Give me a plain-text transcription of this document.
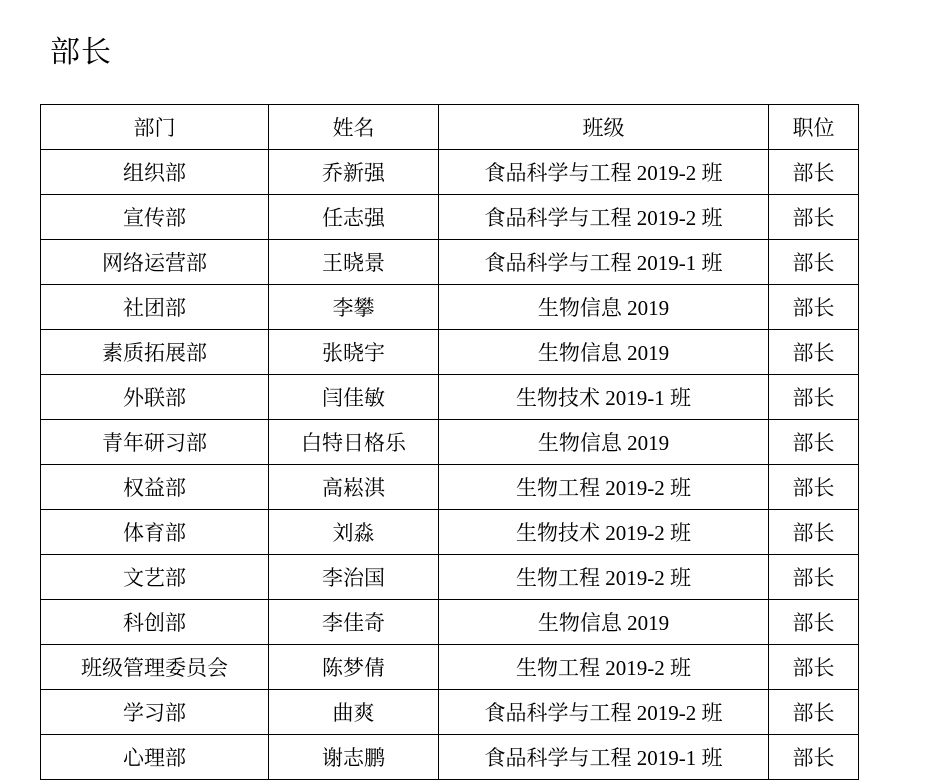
部长
部门	姓名	班级	职位
组织部	乔新强	食品科学与工程 2019-2 班	部长
宣传部	任志强	食品科学与工程 2019-2 班	部长
网络运营部	王晓景	食品科学与工程 2019-1 班	部长
社团部	李攀	生物信息 2019	部长
素质拓展部	张晓宇	生物信息 2019	部长
外联部	闫佳敏	生物技术 2019-1 班	部长
青年研习部	白特日格乐	生物信息 2019	部长
权益部	高崧淇	生物工程 2019-2 班	部长
体育部	刘淼	生物技术 2019-2 班	部长
文艺部	李治国	生物工程 2019-2 班	部长
科创部	李佳奇	生物信息 2019	部长
班级管理委员会	陈梦倩	生物工程 2019-2 班	部长
学习部	曲爽	食品科学与工程 2019-2 班	部长
心理部	谢志鹏	食品科学与工程 2019-1 班	部长
